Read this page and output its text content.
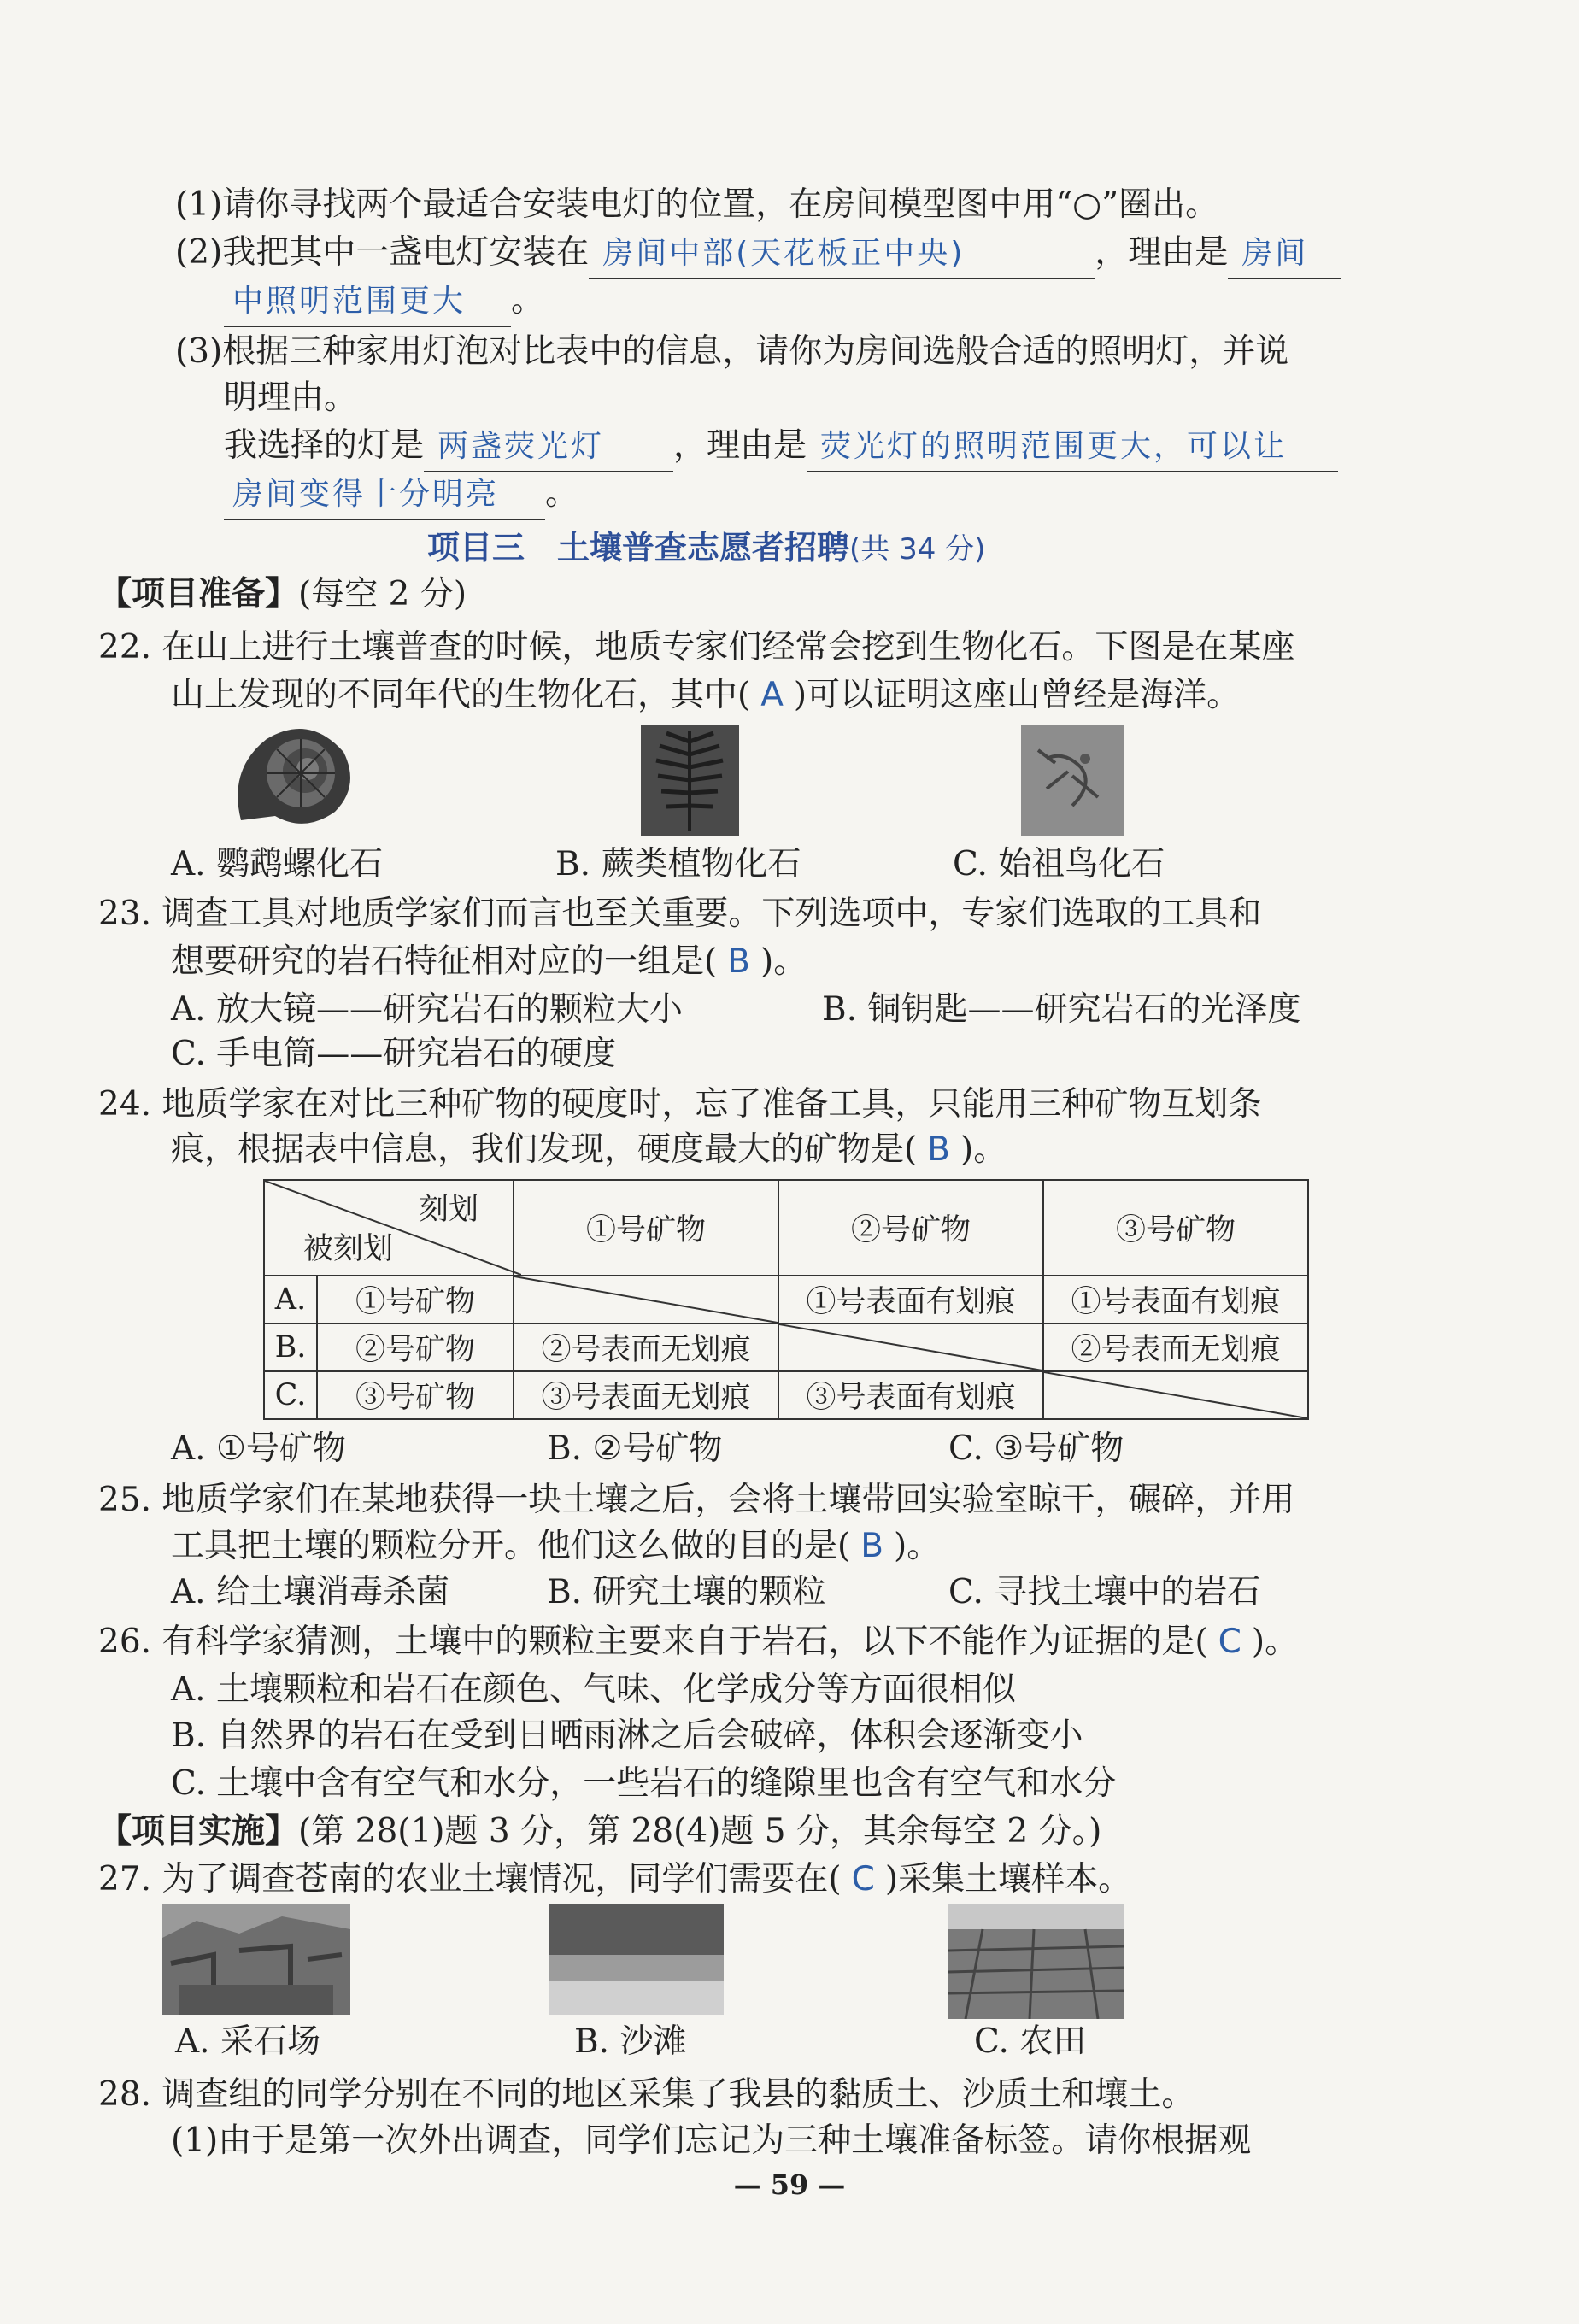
(1)请你寻找两个最适合安装电灯的位置，在房间模型图中用“○”圈出。
(2)我把其中一盏电灯安装在 房间中部(天花板正中央)	，理由是 房间
中照明范围更大 。
(3)根据三种家用灯泡对比表中的信息，请你为房间选般合适的照明灯，并说
明理由。
我选择的灯是 两盏荧光灯 ，理由是 荧光灯的照明范围更大，可以让
房间变得十分明亮 。
项目三　土壤普查志愿者招聘(共 34 分)
【项目准备】(每空 2 分)
22. 在山上进行土壤普查的时候，地质专家们经常会挖到生物化石。下图是在某座
山上发现的不同年代的生物化石，其中( A )可以证明这座山曾经是海洋。
A. 鹦鹉螺化石	B. 蕨类植物化石	C. 始祖鸟化石
23. 调查工具对地质学家们而言也至关重要。下列选项中，专家们选取的工具和
想要研究的岩石特征相对应的一组是( B )。
A. 放大镜——研究岩石的颗粒大小	B. 铜钥匙——研究岩石的光泽度
C. 手电筒——研究岩石的硬度
24. 地质学家在对比三种矿物的硬度时，忘了准备工具，只能用三种矿物互划条
痕，根据表中信息，我们发现，硬度最大的矿物是( B )。
刻划
被刻划		①号矿物	②号矿物	③号矿物
A.	①号矿物		①号表面有划痕	①号表面有划痕
B.	②号矿物	②号表面无划痕		②号表面无划痕
C.	③号矿物	③号表面无划痕	③号表面有划痕	
A. ①号矿物	B. ②号矿物	C. ③号矿物
25. 地质学家们在某地获得一块土壤之后，会将土壤带回实验室晾干，碾碎，并用
工具把土壤的颗粒分开。他们这么做的目的是( B )。
A. 给土壤消毒杀菌	B. 研究土壤的颗粒	C. 寻找土壤中的岩石
26. 有科学家猜测，土壤中的颗粒主要来自于岩石，以下不能作为证据的是( C )。
A. 土壤颗粒和岩石在颜色、气味、化学成分等方面很相似
B. 自然界的岩石在受到日晒雨淋之后会破碎，体积会逐渐变小
C. 土壤中含有空气和水分，一些岩石的缝隙里也含有空气和水分
【项目实施】(第 28(1)题 3 分，第 28(4)题 5 分，其余每空 2 分。)
27. 为了调查苍南的农业土壤情况，同学们需要在( C )采集土壤样本。
A. 采石场	B. 沙滩	C. 农田
28. 调查组的同学分别在不同的地区采集了我县的黏质土、沙质土和壤土。
(1)由于是第一次外出调查，同学们忘记为三种土壤准备标签。请你根据观
— 59 —
